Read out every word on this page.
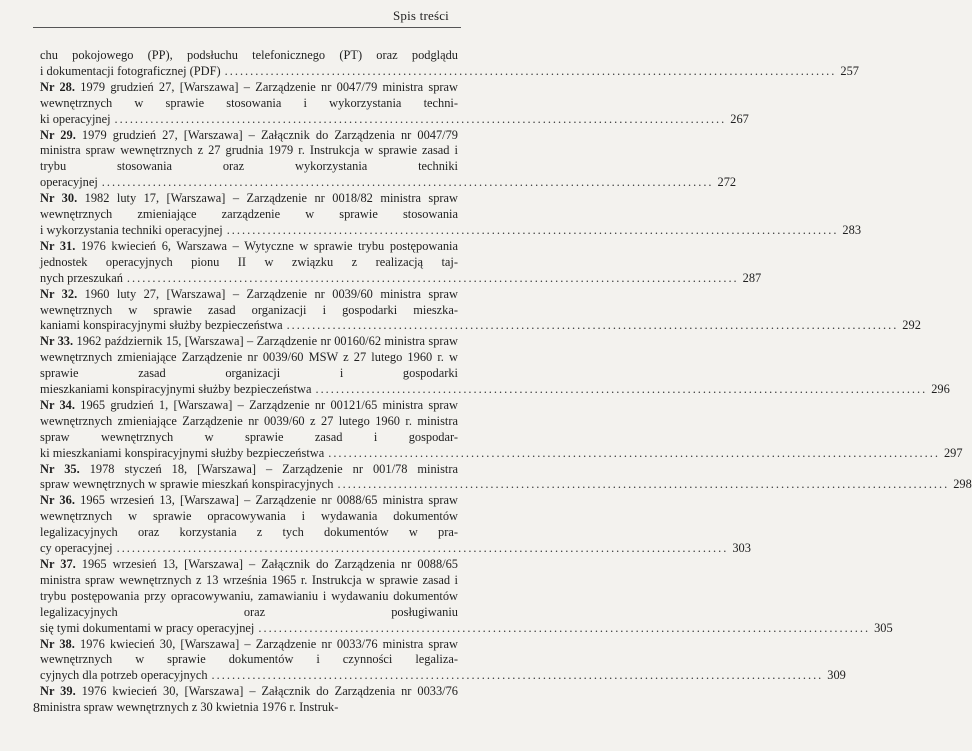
Spis treści
chu pokojowego (PP), podsłuchu telefonicznego (PT) oraz podglądu
i dokumentacji fotograficznej (PDF) ........................................................................................................................ 257
Nr 28. 1979 grudzień 27, [Warszawa] – Zarządzenie nr 0047/79 ministra spraw wewnętrznych w sprawie stosowania i wykorzystania techni-
ki operacyjnej ........................................................................................................................ 267
Nr 29. 1979 grudzień 27, [Warszawa] – Załącznik do Zarządzenia nr 0047/79 ministra spraw wewnętrznych z 27 grudnia 1979 r. Instrukcja w sprawie zasad i trybu stosowania oraz wykorzystania techniki
operacyjnej ........................................................................................................................ 272
Nr 30. 1982 luty 17, [Warszawa] – Zarządzenie nr 0018/82 ministra spraw wewnętrznych zmieniające zarządzenie w sprawie stosowania
i wykorzystania techniki operacyjnej ........................................................................................................................ 283
Nr 31. 1976 kwiecień 6, Warszawa – Wytyczne w sprawie trybu postępowania jednostek operacyjnych pionu II w związku z realizacją taj-
nych przeszukań ........................................................................................................................ 287
Nr 32. 1960 luty 27, [Warszawa] – Zarządzenie nr 0039/60 ministra spraw wewnętrznych w sprawie zasad organizacji i gospodarki mieszka-
kaniami konspiracyjnymi służby bezpieczeństwa ........................................................................................................................ 292
Nr 33. 1962 październik 15, [Warszawa] – Zarządzenie nr 00160/62 ministra spraw wewnętrznych zmieniające Zarządzenie nr 0039/60 MSW z 27 lutego 1960 r. w sprawie zasad organizacji i gospodarki
mieszkaniami konspiracyjnymi służby bezpieczeństwa ........................................................................................................................ 296
Nr 34. 1965 grudzień 1, [Warszawa] – Zarządzenie nr 00121/65 ministra spraw wewnętrznych zmieniające Zarządzenie nr 0039/60 z 27 lutego 1960 r. ministra spraw wewnętrznych w sprawie zasad i gospodar-
ki mieszkaniami konspiracyjnymi służby bezpieczeństwa ........................................................................................................................ 297
Nr 35. 1978 styczeń 18, [Warszawa] – Zarządzenie nr 001/78 ministra
spraw wewnętrznych w sprawie mieszkań konspiracyjnych ........................................................................................................................ 298
Nr 36. 1965 wrzesień 13, [Warszawa] – Zarządzenie nr 0088/65 ministra spraw wewnętrznych w sprawie opracowywania i wydawania dokumentów legalizacyjnych oraz korzystania z tych dokumentów w pra-
cy operacyjnej ........................................................................................................................ 303
Nr 37. 1965 wrzesień 13, [Warszawa] – Załącznik do Zarządzenia nr 0088/65 ministra spraw wewnętrznych z 13 września 1965 r. Instrukcja w sprawie zasad i trybu postępowania przy opracowywaniu, zamawianiu i wydawaniu dokumentów legalizacyjnych oraz posługiwaniu
się tymi dokumentami w pracy operacyjnej ........................................................................................................................ 305
Nr 38. 1976 kwiecień 30, [Warszawa] – Zarządzenie nr 0033/76 ministra spraw wewnętrznych w sprawie dokumentów i czynności legaliza-
cyjnych dla potrzeb operacyjnych ........................................................................................................................ 309
Nr 39. 1976 kwiecień 30, [Warszawa] – Załącznik do Zarządzenia nr 0033/76 ministra spraw wewnętrznych z 30 kwietnia 1976 r. Instruk-
8
